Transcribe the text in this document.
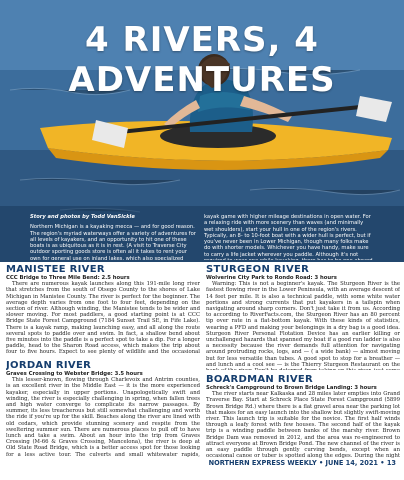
4 RIVERS, 4 ADVENTURES
Story and photos by Todd VanSickle
Northern Michigan is a kayaking mecca — and for good reason. The region's myriad waterways offer a variety of adventures for all levels of kayakers, and an opportunity to hit one of these boats is as ubiquitous as it is in rest. (A visit to Traverse City outdoor sporting goods store is often all it takes to rent your own for general use on inland lakes, which also specialized
kayak game with higher mileage destinations in open water. For a relaxing ride with more scenery than waves (and minimally wet shoulders), start your hull in one of the region's rivers. Typically, an 8- to 10-foot boat with a wider hull is perfect, but if you've never been in Lower Michigan, though many folks make do with shorter models. Whichever you have handy, make sure to carry a life jacket wherever you paddle. Although it's not
MANISTEE RIVER
CCC Bridge to Three Mile Bend: 2.5 hours

There are numerous kayak launches along this 191-mile long river that stretches from the south of Otsego County to the shores of Lake Michigan in Manistee County. The river is perfect for the beginner. The average depth varies from one foot to four feet, depending on the section of river. Although winding, the Manistee tends to be wider and slower moving. For most paddlers, a good starting point is at CCC Bridge State Forest Campground (7184 Sunset Trail SE, in Fife Lake). There is a kayak ramp, making launching easy, and all along the route several spots to paddle over and swim. In fact, a shallow bend about five minutes into the paddle is a perfect spot to take a dip. For a longer paddle, head to the Sharon Road access, which makes the trip about four to five hours. Expect to see plenty of wildlife and the occasional

JORDAN RIVER
Graves Crossing to Webster Bridge: 3.5 hours

This lesser-known, flowing through Charlevoix and Antrim counties, is an excellent river in the Middle East — it is the more experienced kayaker, especially in upper portions. Unapologetically swift and winding, the river is especially challenging in spring, when fallen trees and high water converge to complicate its narrow passages. By summer, its less treacherous but still somewhat challenging and worth the ride if you're up for the skill. Beaches along the river are lined with old cedars, which provide stunning scenery and respite from the sweltering summer sun. There are numerous places to pull off to have lunch and take a swim. About an hour into the trip from Graves Crossing (M-66 & Graves Crossing, Mancelona), the river is deep at Old State Road Bridge, which is a better access spot for those looking for a less active tour. The culverts and small whitewater rapids,

STURGEON RIVER
Wolverine City Park to Rondo Road: 3 hours

Warning: This is not a beginner's kayak. The Sturgeon River is the fastest flowing river in the Lower Peninsula, with an average descent of 14 feet per mile. It is also a technical paddle, with some white water portions and strong currents that put kayakers in a tailspin when navigating around sharp corners. Don't just take it from us. According to according to RiverFacts.com, the Sturgeon River has an 80 percent tip over rate in a flat-bottom kayak. With these kinds of statistics, wearing a PFD and making your belongings in a dry bag is a good idea. Sturgeon River Personal Flotation Device has an earlier killing or unchallenged hazards that spanned my boat if a good run ladder is also a necessity because the river demands full attention for navigating around protruding rocks, logs, and — ( a wide bank) — almost moving but for less versatile than tubes. A good spot to stop for a breather — and lunch and a cool see — is the Thierry Sturgeon Restaurant on the

BOARDMAN RIVER
Schreck's Campground to Brown Bridge Landing: 3 hours

The river starts near Kalkaska and 28 miles later empties into Grand Traverse Bay. Start at Schreck Place State Forest Campground (5899 Brown Bridge Rd.) where there is a flat gravel area near the parking lot that makes for an easy launch into the shallow but slightly swift-moving river. This launch trip is suitable for the novice. The first half winds through a leafy forest with few houses. The second half of the kayak trip is a winding paddle between banks of the marshy river. Brown Bridge Dam was removed in 2012, and the area was re-engineered to attract everyone at Brown Bridge Pond. The new channel of the river is an easy paddle through gently curving bends, except when an occasional canoe or tuber is spotted along the edges. During the night

NORTHERN EXPRESS WEEKLY • JUNE 14, 2021 • 13
